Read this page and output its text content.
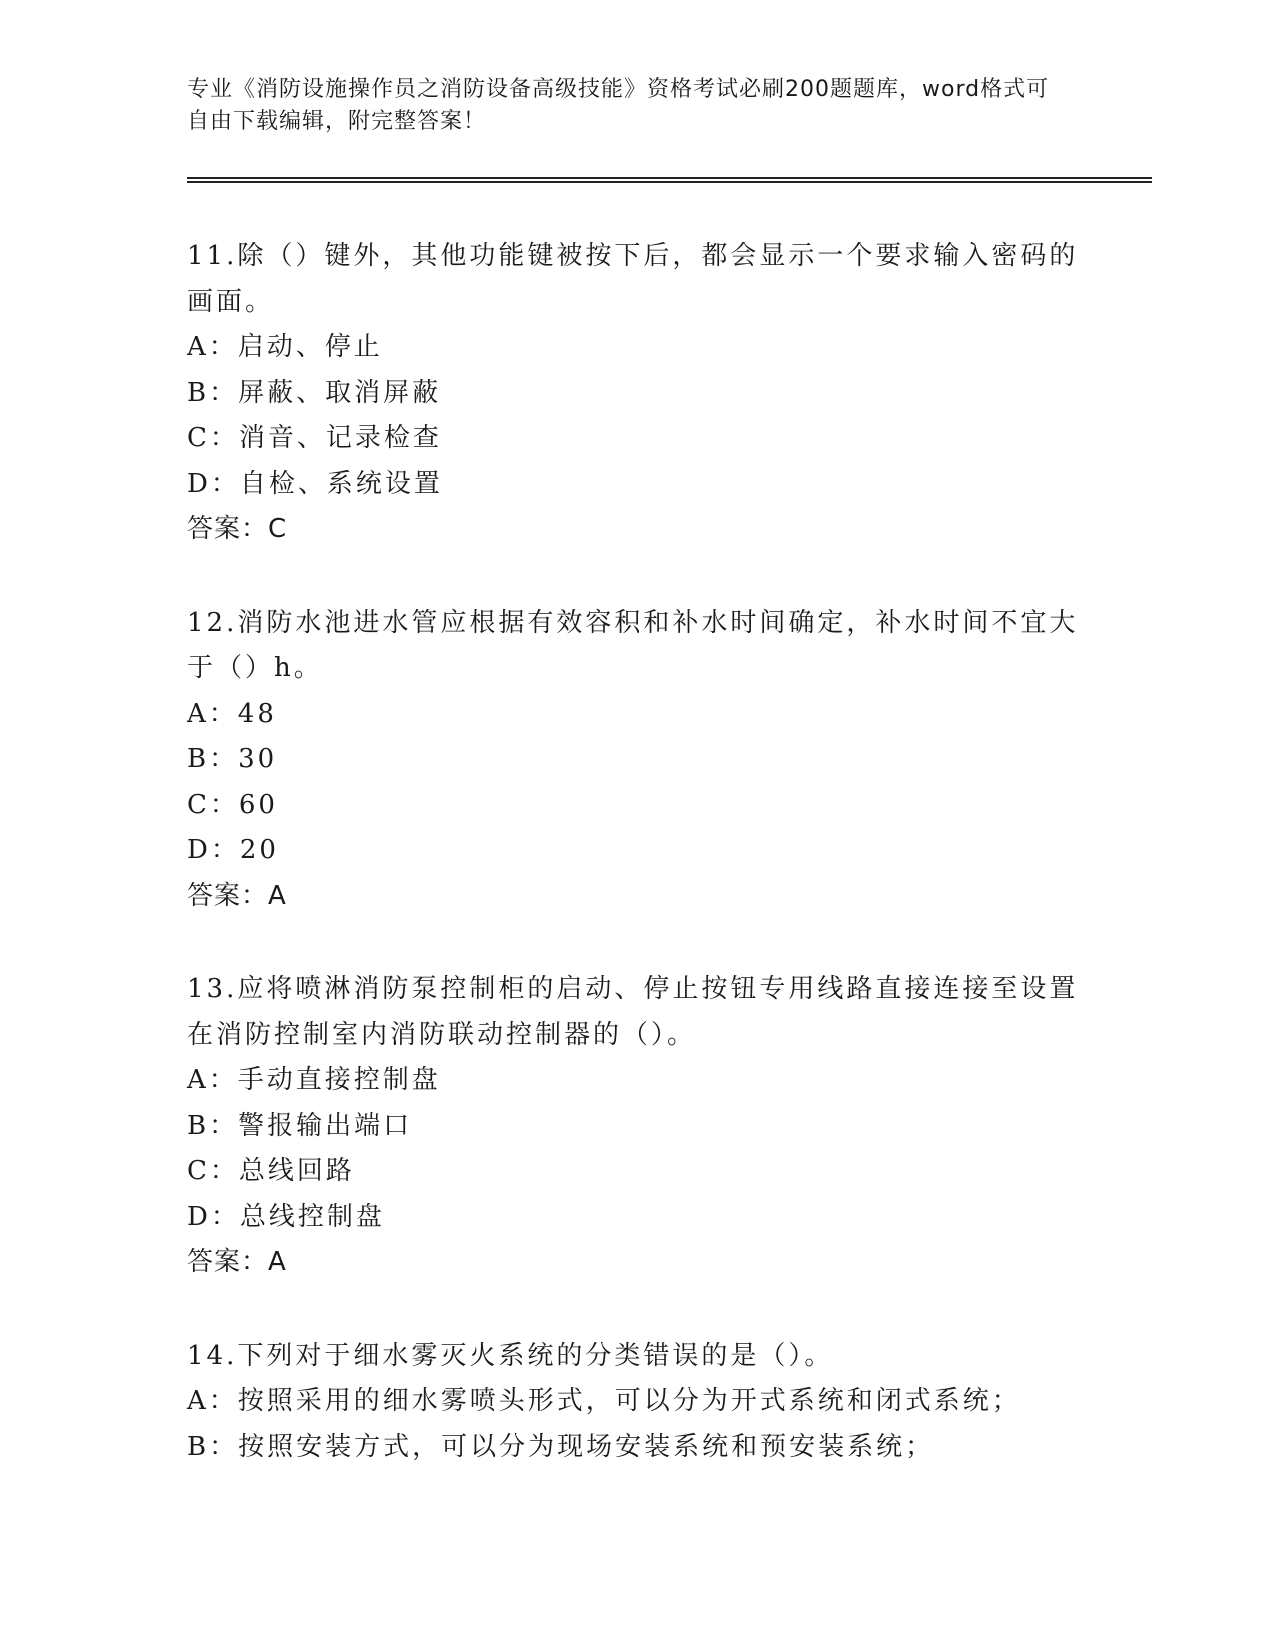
专业《消防设施操作员之消防设备高级技能》资格考试必刷200题题库，word格式可自由下载编辑，附完整答案！
11.除（）键外，其他功能键被按下后，都会显示一个要求输入密码的画面。
A：启动、停止
B：屏蔽、取消屏蔽
C：消音、记录检查
D：自检、系统设置
答案：C
12.消防水池进水管应根据有效容积和补水时间确定，补水时间不宜大于（）h。
A：48
B：30
C：60
D：20
答案：A
13.应将喷淋消防泵控制柜的启动、停止按钮专用线路直接连接至设置在消防控制室内消防联动控制器的（）。
A：手动直接控制盘
B：警报输出端口
C：总线回路
D：总线控制盘
答案：A
14.下列对于细水雾灭火系统的分类错误的是（）。
A：按照采用的细水雾喷头形式，可以分为开式系统和闭式系统；
B：按照安装方式，可以分为现场安装系统和预安装系统；
